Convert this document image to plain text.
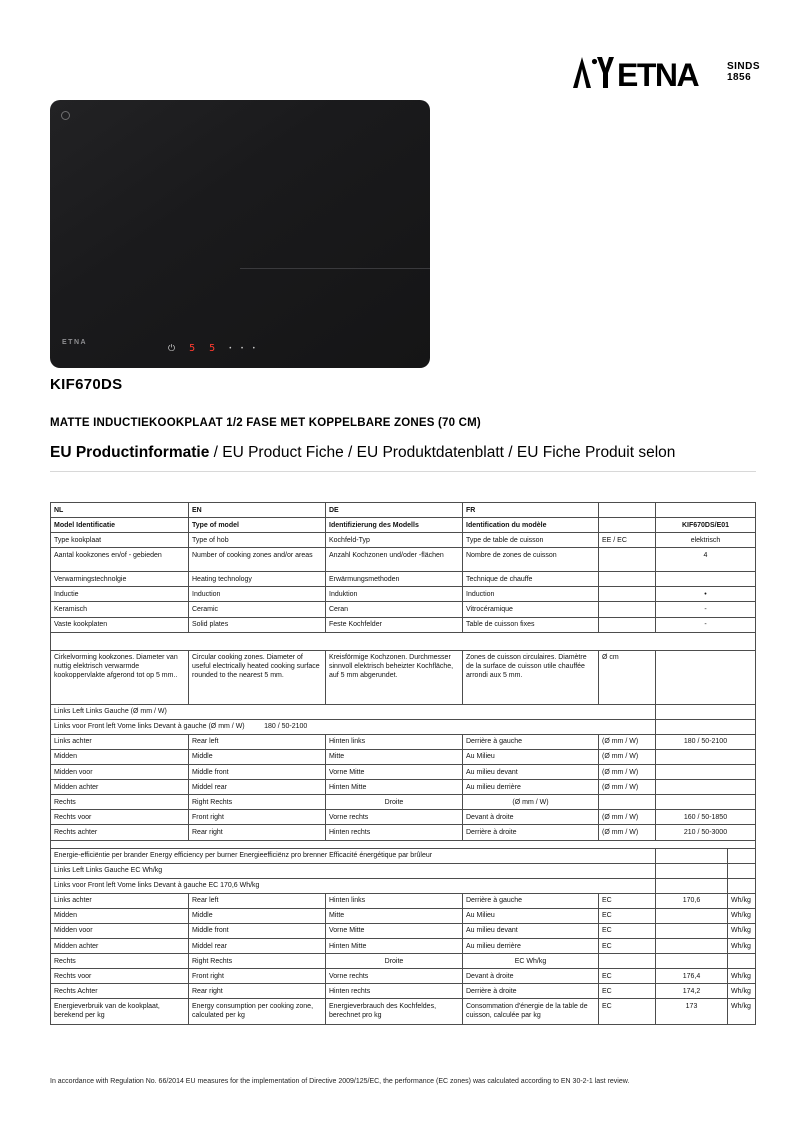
ETNA	SINDS
1856
ETNA
⏻ 5 5 • • •
KIF670DS
MATTE INDUCTIEKOOKPLAAT 1/2 FASE MET KOPPELBARE ZONES (70 CM)
EU Productinformatie / EU Product Fiche / EU Produktdatenblatt / EU Fiche Produit selon
NL	EN	DE	FR			
Model Identificatie	Type of model	Identifizierung des Modells	Identification du modèle		KIF670DS/E01	
Type kookplaat	Type of hob	Kochfeld-Typ	Type de table de cuisson	EE / EC	elektrisch	
Aantal kookzones en/of - gebieden	Number of cooking zones and/or areas	Anzahl Kochzonen und/oder -flächen	Nombre de zones de cuisson		4	
Verwarmingstechnolgie	Heating technology	Erwärmungsmethoden	Technique de chauffe			
Inductie	Induction	Induktion	Induction		•	
Keramisch	Ceramic	Ceran	Vitrocéramique		-	
Vaste kookplaten	Solid plates	Feste Kochfelder	Table de cuisson fixes		-	

Cirkelvorming kookzones. Diameter van nuttig elektrisch verwarmde kookoppervlakte afgerond tot op 5 mm..	Circular cooking zones. Diameter of useful electrically heated cooking surface rounded to the nearest 5 mm.	Kreisförmige Kochzonen. Durchmesser sinnvoll elektrisch beheizter Kochfläche, auf 5 mm abgerundet.	Zones de cuisson circulaires. Diamètre de la surface de cuisson utile chauffée arrondi aux 5 mm.	Ø cm		
Links Left Links Gauche (Ø mm / W)						
Links voor Front left Vorne links Devant à gauche (Ø mm / W)          180 / 50-2100						
Links achter	Rear left	Hinten links	Derrière à gauche	(Ø mm / W)	180 / 50-2100	
Midden	Middle	Mitte	Au Milieu	(Ø mm / W)		
Midden voor	Middle front	Vorne Mitte	Au milieu devant	(Ø mm / W)		
Midden achter	Middel rear	Hinten Mitte	Au milieu derrière	(Ø mm / W)		
Rechts	Right Rechts	Droite	(Ø mm / W)			
Rechts voor	Front right	Vorne rechts	Devant à droite	(Ø mm / W)	160 / 50-1850	
Rechts achter	Rear right	Hinten rechts	Derrière à droite	(Ø mm / W)	210 / 50-3000	

Energie-efficiëntie per brander Energy efficiency per burner Energieefficiënz pro brenner Efficacité énergétique par brûleur						
Links Left Links Gauche EC Wh/kg						
Links voor Front left Vorne links Devant à gauche EC 170,6 Wh/kg						
Links achter	Rear left	Hinten links	Derrière à gauche	EC	170,6	Wh/kg
Midden	Middle	Mitte	Au Milieu	EC		Wh/kg
Midden voor	Middle front	Vorne Mitte	Au milieu devant	EC		Wh/kg
Midden achter	Middel rear	Hinten Mitte	Au milieu derrière	EC		Wh/kg
Rechts	Right Rechts	Droite	EC Wh/kg			
Rechts voor	Front right	Vorne rechts	Devant à droite	EC	176,4	Wh/kg
Rechts Achter	Rear right	Hinten rechts	Derrière à droite	EC	174,2	Wh/kg
Energieverbruik van de kookplaat, berekend per kg	Energy consumption per cooking zone, calculated per kg	Energieverbrauch des Kochfeldes, berechnet pro kg	Consommation d'énergie de la table de cuisson, calculée par kg	EC	173	Wh/kg

In accordance with Regulation No. 66/2014 EU measures for the implementation of Directive 2009/125/EC, the performance (EC zones) was calculated according to EN 30-2-1 last review.
